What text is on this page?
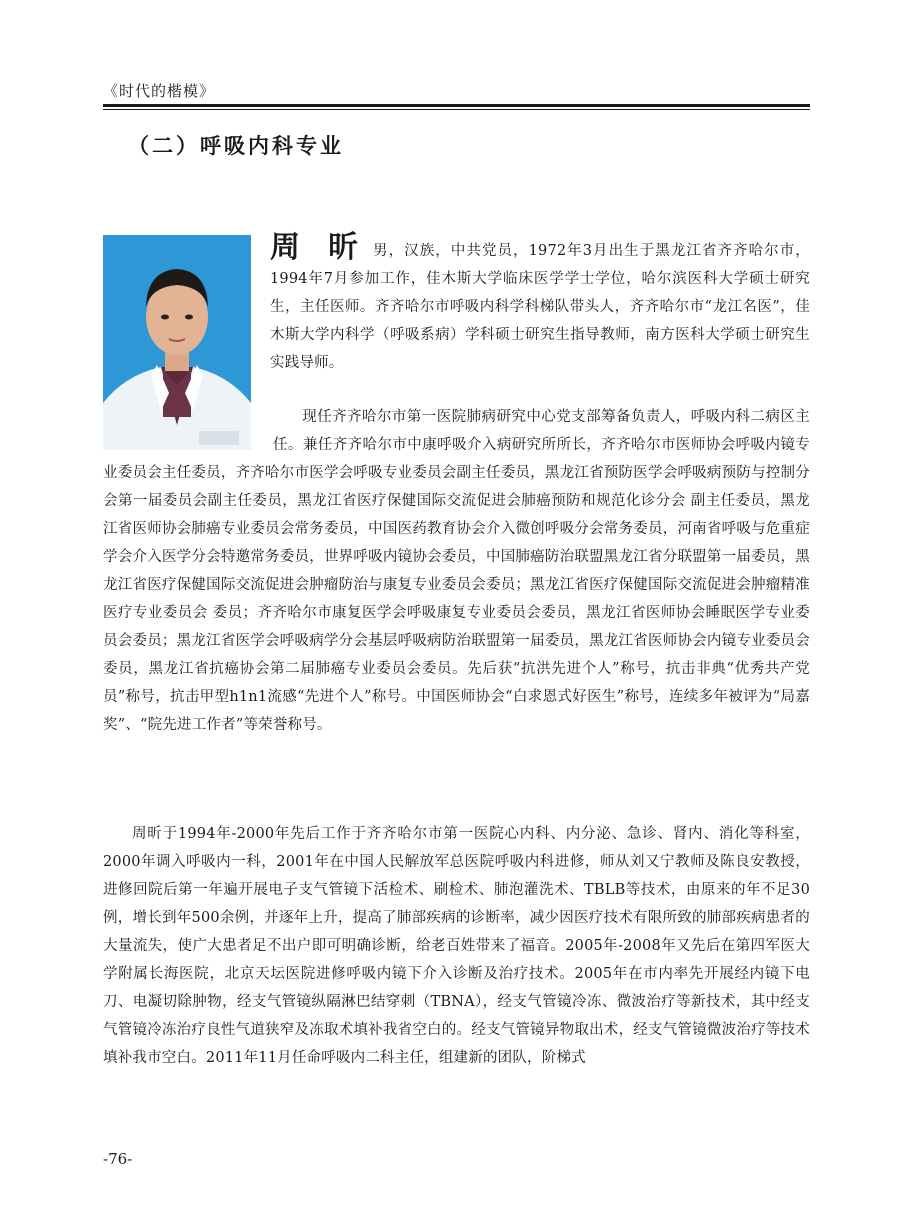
《时代的楷模》
（二）呼吸内科专业

周 昕 男，汉族，中共党员，1972年3月出生于黑龙江省齐齐哈尔市，1994年7月参加工作，佳木斯大学临床医学学士学位，哈尔滨医科大学硕士研究生，主任医师。齐齐哈尔市呼吸内科学科梯队带头人，齐齐哈尔市“龙江名医”，佳木斯大学内科学（呼吸系病）学科硕士研究生指导教师，南方医科大学硕士研究生实践导师。

现任齐齐哈尔市第一医院肺病研究中心党支部筹备负责人，呼吸内科二病区主任。兼任齐齐哈尔市中康呼吸介入病研究所所长，齐齐哈尔市医师协会呼吸内镜专业委员会主任委员，齐齐哈尔市医学会呼吸专业委员会副主任委员，黑龙江省预防医学会呼吸病预防与控制分会第一届委员会副主任委员，黑龙江省医疗保健国际交流促进会肺癌预防和规范化诊分会 副主任委员，黑龙江省医师协会肺癌专业委员会常务委员，中国医药教育协会介入微创呼吸分会常务委员，河南省呼吸与危重症学会介入医学分会特邀常务委员，世界呼吸内镜协会委员，中国肺癌防治联盟黑龙江省分联盟第一届委员，黑龙江省医疗保健国际交流促进会肿瘤防治与康复专业委员会委员；黑龙江省医疗保健国际交流促进会肿瘤精准医疗专业委员会 委员；齐齐哈尔市康复医学会呼吸康复专业委员会委员，黑龙江省医师协会睡眠医学专业委员会委员；黑龙江省医学会呼吸病学分会基层呼吸病防治联盟第一届委员，黑龙江省医师协会内镜专业委员会委员，黑龙江省抗癌协会第二届肺癌专业委员会委员。先后获“抗洪先进个人”称号，抗击非典“优秀共产党员”称号，抗击甲型h1n1流感“先进个人”称号。中国医师协会“白求恩式好医生”称号，连续多年被评为“局嘉奖”、“院先进工作者”等荣誉称号。

周昕于1994年-2000年先后工作于齐齐哈尔市第一医院心内科、内分泌、急诊、肾内、消化等科室，2000年调入呼吸内一科，2001年在中国人民解放军总医院呼吸内科进修，师从刘又宁教师及陈良安教授，进修回院后第一年遍开展电子支气管镜下活检术、刷检术、肺泡灌洗术、TBLB等技术，由原来的年不足30例，增长到年500余例，并逐年上升，提高了肺部疾病的诊断率，减少因医疗技术有限所致的肺部疾病患者的大量流失，使广大患者足不出户即可明确诊断，给老百姓带来了福音。2005年-2008年又先后在第四军医大学附属长海医院，北京天坛医院进修呼吸内镜下介入诊断及治疗技术。2005年在市内率先开展经内镜下电刀、电凝切除肿物，经支气管镜纵隔淋巴结穿刺（TBNA），经支气管镜冷冻、微波治疗等新技术，其中经支气管镜冷冻治疗良性气道狭窄及冻取术填补我省空白的。经支气管镜异物取出术，经支气管镜微波治疗等技术填补我市空白。2011年11月任命呼吸内二科主任，组建新的团队，阶梯式

-76-
